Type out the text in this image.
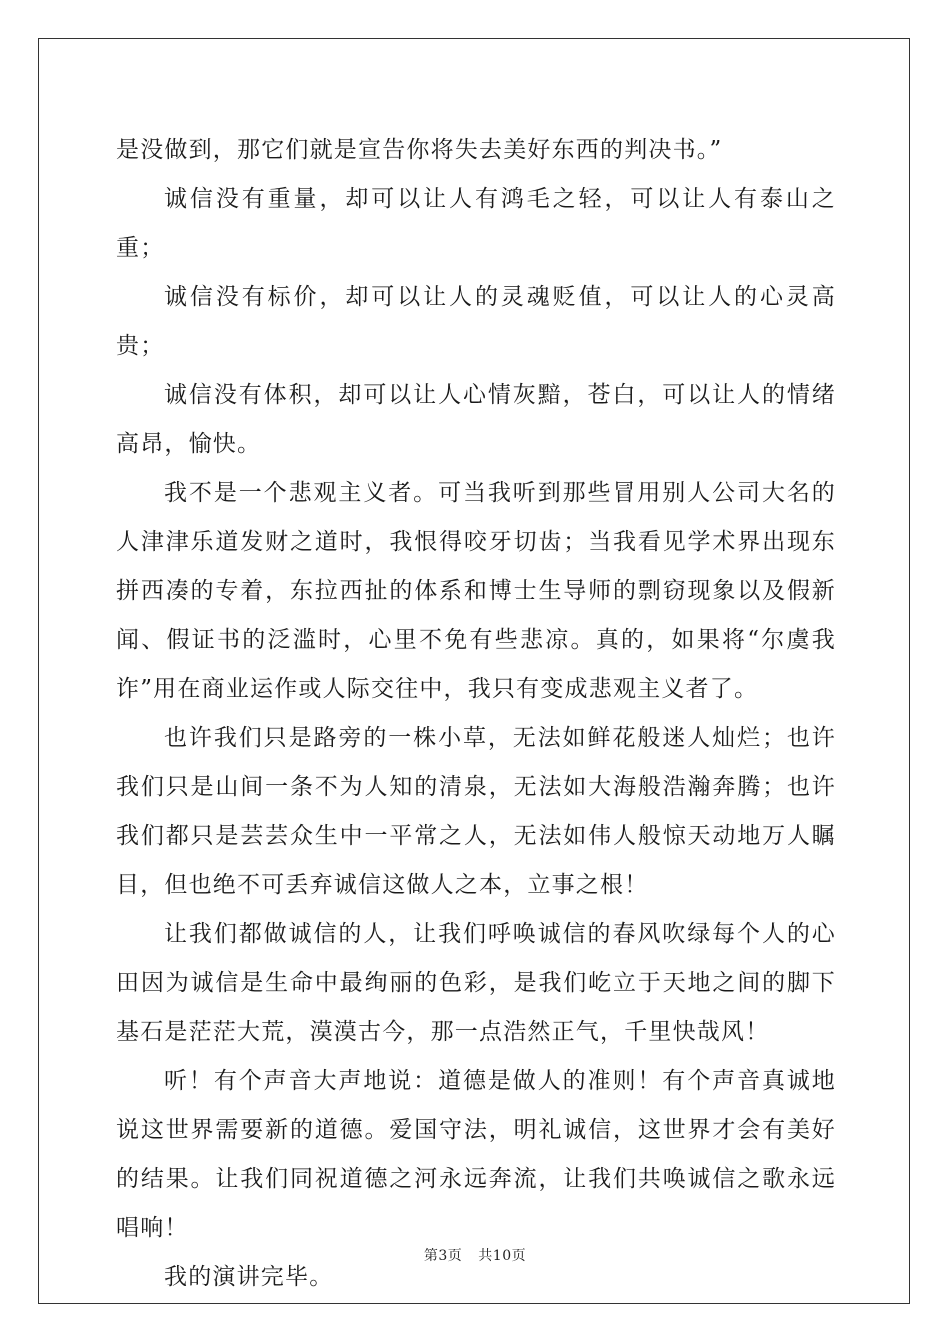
是没做到，那它们就是宣告你将失去美好东西的判决书。”

诚信没有重量，却可以让人有鸿毛之轻，可以让人有泰山之重；

诚信没有标价，却可以让人的灵魂贬值，可以让人的心灵高贵；

诚信没有体积，却可以让人心情灰黯，苍白，可以让人的情绪高昂，愉快。

我不是一个悲观主义者。可当我听到那些冒用别人公司大名的人津津乐道发财之道时，我恨得咬牙切齿；当我看见学术界出现东拼西凑的专着，东拉西扯的体系和博士生导师的剽窃现象以及假新闻、假证书的泛滥时，心里不免有些悲凉。真的，如果将“尔虞我诈”用在商业运作或人际交往中，我只有变成悲观主义者了。

也许我们只是路旁的一株小草，无法如鲜花般迷人灿烂；也许我们只是山间一条不为人知的清泉，无法如大海般浩瀚奔腾；也许我们都只是芸芸众生中一平常之人，无法如伟人般惊天动地万人瞩目，但也绝不可丢弃诚信这做人之本，立事之根！

让我们都做诚信的人，让我们呼唤诚信的春风吹绿每个人的心田因为诚信是生命中最绚丽的色彩，是我们屹立于天地之间的脚下基石是茫茫大荒，漠漠古今，那一点浩然正气，千里快哉风！

听！有个声音大声地说：道德是做人的准则！有个声音真诚地说这世界需要新的道德。爱国守法，明礼诚信，这世界才会有美好的结果。让我们同祝道德之河永远奔流，让我们共唤诚信之歌永远唱响！

我的演讲完毕。

第3页 共10页
